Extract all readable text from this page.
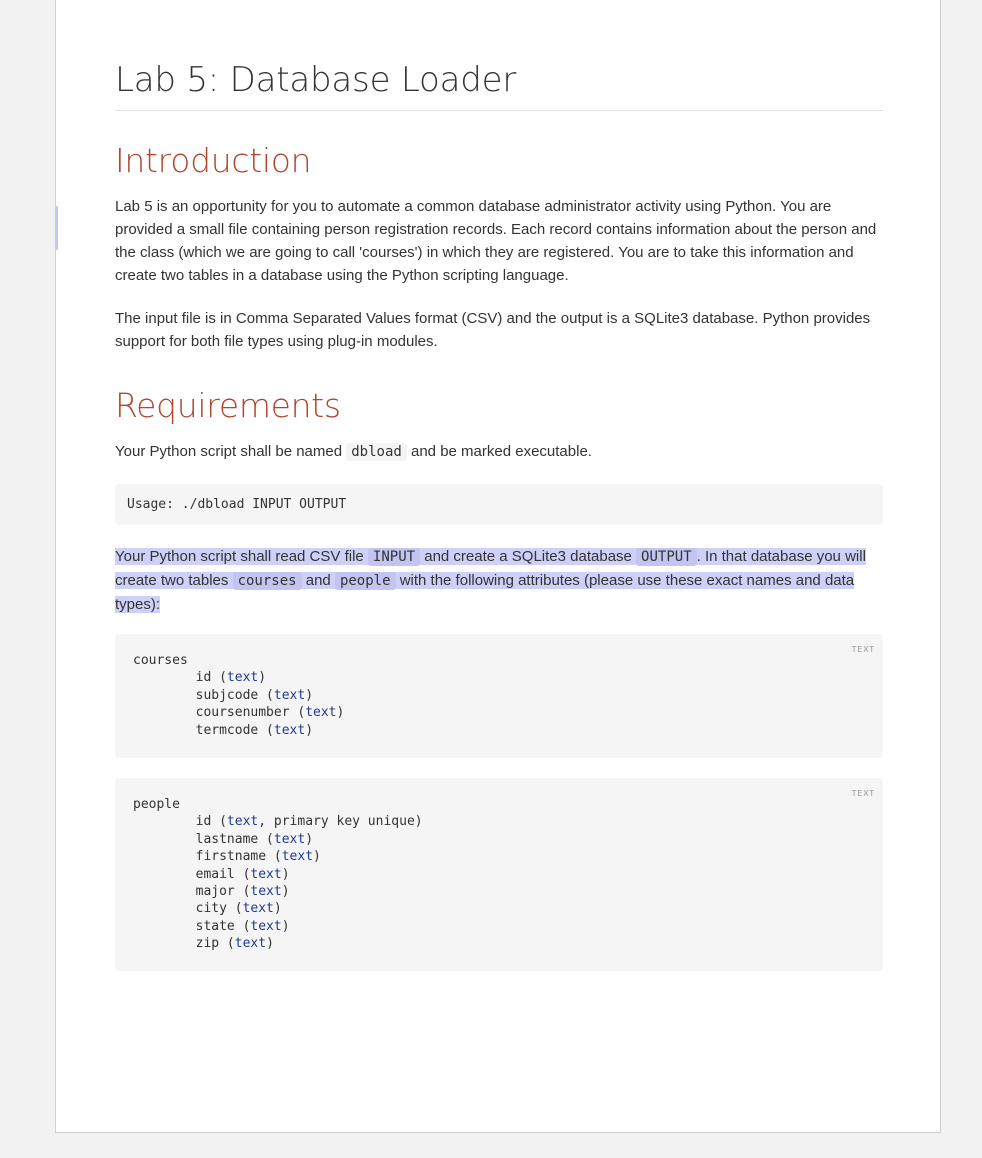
Lab 5: Database Loader
Introduction

Lab 5 is an opportunity for you to automate a common database administrator activity using Python. You are provided a small file containing person registration records. Each record contains information about the person and the class (which we are going to call 'courses') in which they are registered. You are to take this information and create two tables in a database using the Python scripting language.

The input file is in Comma Separated Values format (CSV) and the output is a SQLite3 database. Python provides support for both file types using plug-in modules.

Requirements

Your Python script shall be named dbload and be marked executable.

Usage: ./dbload INPUT OUTPUT

Your Python script shall read CSV file INPUT and create a SQLite3 database OUTPUT . In that database you will create two tables courses and people with the following attributes (please use these exact names and data types):

TEXT
courses
id (text)
subjcode (text)
coursenumber (text)
termcode (text)
TEXT
people
id (text, primary key unique)
lastname (text)
firstname (text)
email (text)
major (text)
city (text)
state (text)
zip (text)
